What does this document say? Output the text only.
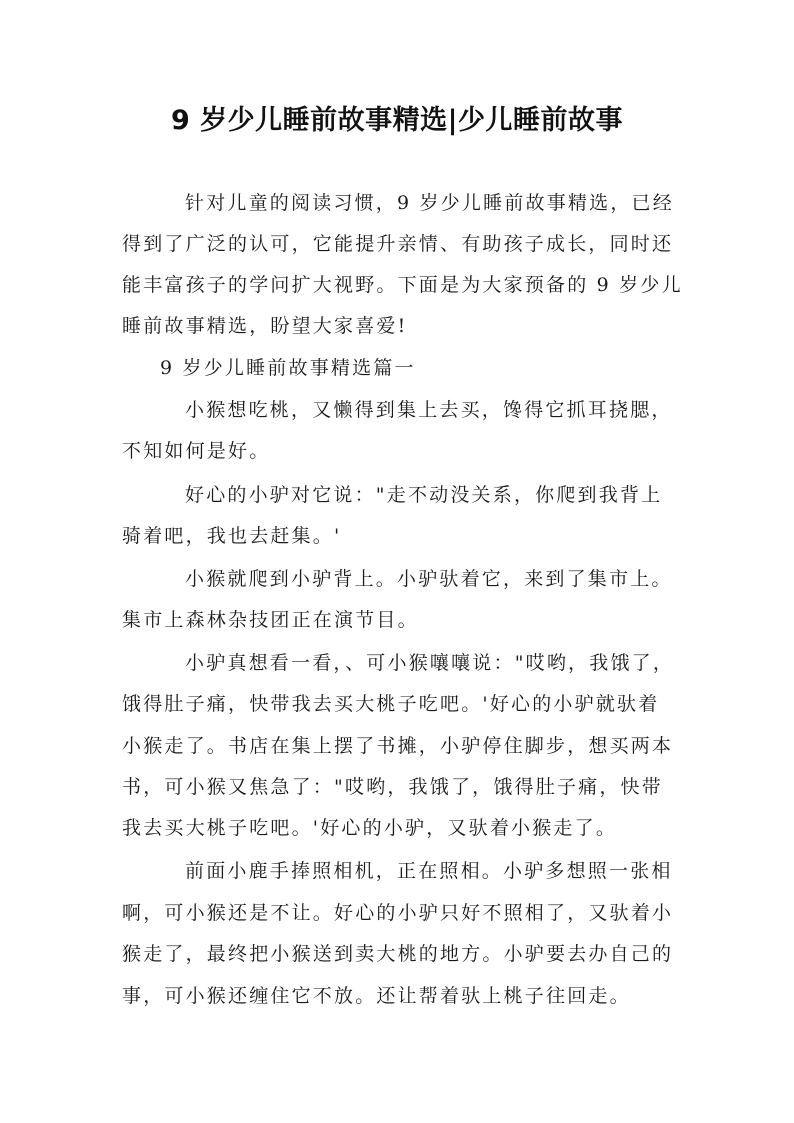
9 岁少儿睡前故事精选|少儿睡前故事
针对儿童的阅读习惯，9 岁少儿睡前故事精选，已经
得到了广泛的认可，它能提升亲情、有助孩子成长，同时还
能丰富孩子的学问扩大视野。下面是为大家预备的 9 岁少儿
睡前故事精选，盼望大家喜爱!
9 岁少儿睡前故事精选篇一
小猴想吃桃，又懒得到集上去买，馋得它抓耳挠腮，
不知如何是好。
好心的小驴对它说："走不动没关系，你爬到我背上
骑着吧，我也去赶集。'
小猴就爬到小驴背上。小驴驮着它，来到了集市上。
集市上森林杂技团正在演节目。
小驴真想看一看，、可小猴嚷嚷说："哎哟，我饿了，
饿得肚子痛，快带我去买大桃子吃吧。'好心的小驴就驮着
小猴走了。书店在集上摆了书摊，小驴停住脚步，想买两本
书，可小猴又焦急了："哎哟，我饿了，饿得肚子痛，快带
我去买大桃子吃吧。'好心的小驴，又驮着小猴走了。
前面小鹿手捧照相机，正在照相。小驴多想照一张相
啊，可小猴还是不让。好心的小驴只好不照相了，又驮着小
猴走了，最终把小猴送到卖大桃的地方。小驴要去办自己的
事，可小猴还缠住它不放。还让帮着驮上桃子往回走。
